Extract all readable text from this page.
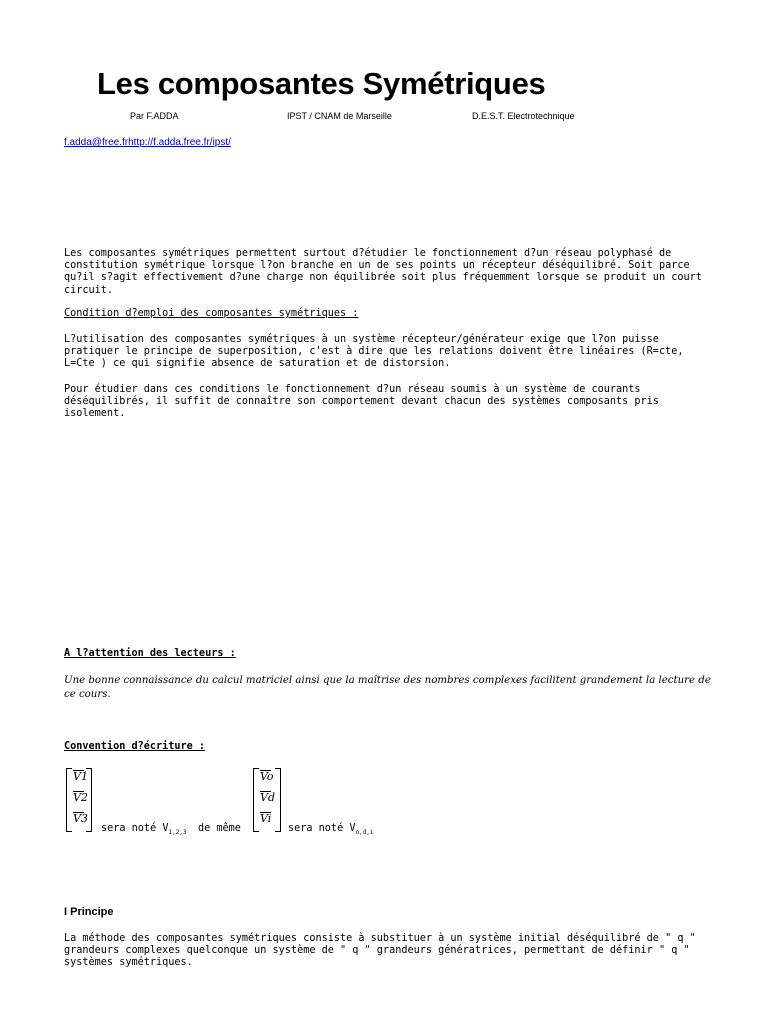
Les composantes Symétriques
Par F.ADDA	IPST / CNAM de Marseille	D.E.S.T. Electrotechnique
f.adda@free.frhttp://f.adda.free.fr/ipst/
Les composantes symétriques permettent surtout d?étudier le fonctionnement d?un réseau polyphasé de constitution symétrique lorsque l?on branche en un de ses points un récepteur déséquilibré. Soit parce qu?il s?agit effectivement d?une charge non équilibrée soit plus fréquemment lorsque se produit un court circuit.
Condition d?emploi des composantes symétriques :
L?utilisation des composantes symétriques à un système récepteur/générateur exige que l?on puisse pratiquer le principe de superposition, c'est à dire que les relations doivent être linéaires (R=cte, L=Cte ) ce qui signifie absence de saturation et de distorsion.
Pour étudier dans ces conditions le fonctionnement d?un réseau soumis à un système de courants déséquilibrés, il suffit de connaître son comportement devant chacun des systèmes composants pris isolement.
A l?attention des lecteurs :
Une bonne connaissance du calcul matriciel ainsi que la maîtrise des nombres complexes facilitent grandement la lecture de ce cours.
Convention d?écriture :
V1
V2
V3
sera noté $V_{1,2,3}$	de même
Vo
Vd
Vi
sera noté $V_{o,d,i}$
I Principe
La méthode des composantes symétriques consiste à substituer à un système initial déséquilibré de " q " grandeurs complexes quelconque un système de " q " grandeurs génératrices, permettant de définir " q " systèmes symétriques.
